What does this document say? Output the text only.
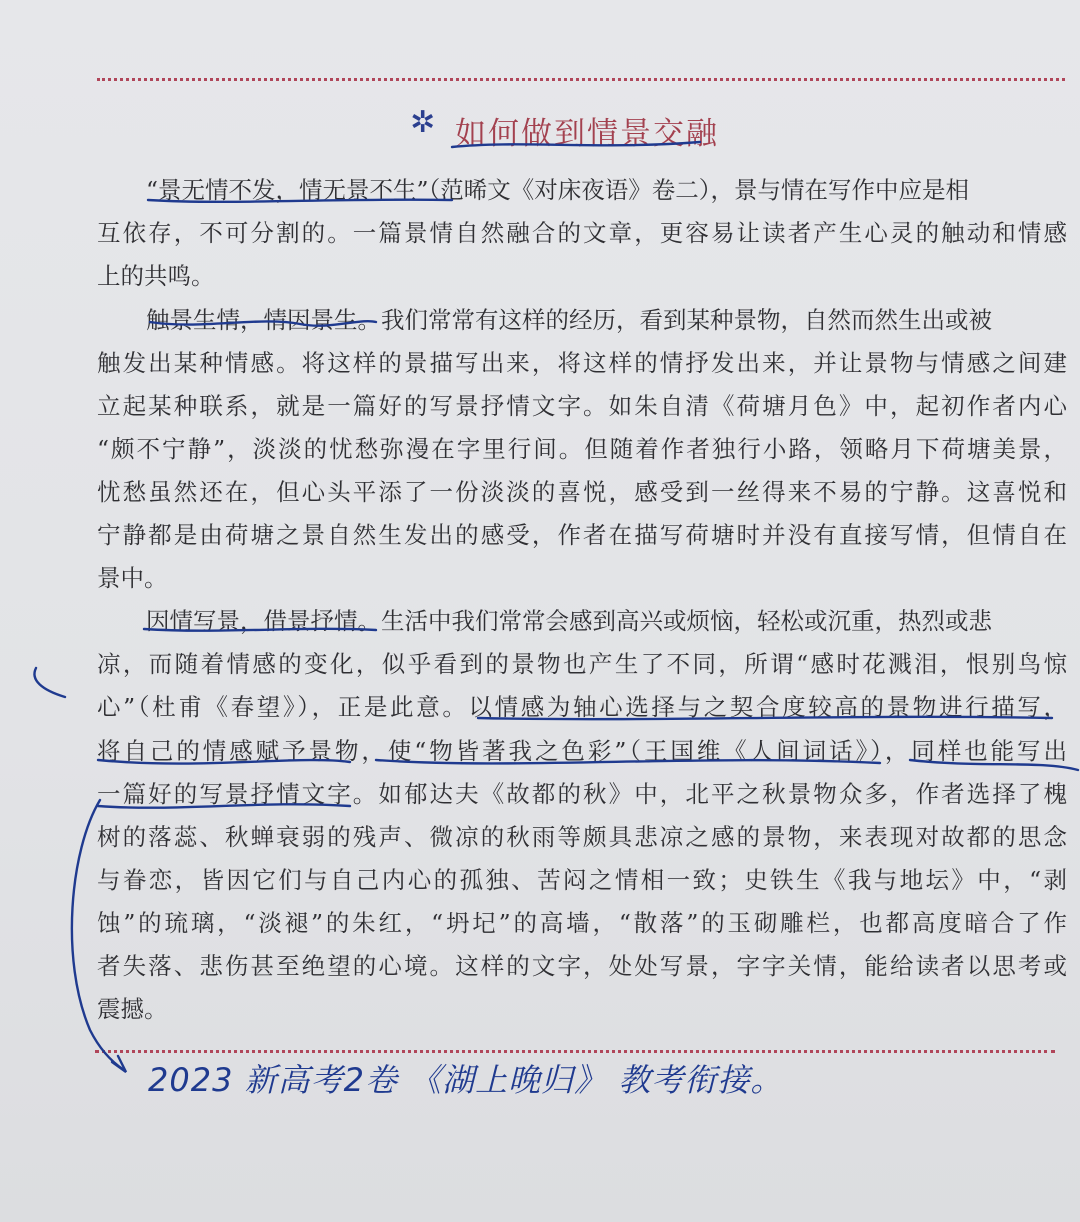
✲ 如何做到情景交融
“景无情不发，情无景不生”（范晞文《对床夜语》卷二），景与情在写作中应是相
互依存，不可分割的。一篇景情自然融合的文章，更容易让读者产生心灵的触动和情感
上的共鸣。
触景生情，情因景生。我们常常有这样的经历，看到某种景物，自然而然生出或被
触发出某种情感。将这样的景描写出来，将这样的情抒发出来，并让景物与情感之间建
立起某种联系，就是一篇好的写景抒情文字。如朱自清《荷塘月色》中，起初作者内心
“颇不宁静”，淡淡的忧愁弥漫在字里行间。但随着作者独行小路，领略月下荷塘美景，
忧愁虽然还在，但心头平添了一份淡淡的喜悦，感受到一丝得来不易的宁静。这喜悦和
宁静都是由荷塘之景自然生发出的感受，作者在描写荷塘时并没有直接写情，但情自在
景中。
因情写景，借景抒情。生活中我们常常会感到高兴或烦恼，轻松或沉重，热烈或悲
凉，而随着情感的变化，似乎看到的景物也产生了不同，所谓“感时花溅泪，恨别鸟惊
心”（杜甫《春望》），正是此意。以情感为轴心选择与之契合度较高的景物进行描写，
将自己的情感赋予景物，使“物皆著我之色彩”（王国维《人间词话》），同样也能写出
一篇好的写景抒情文字。如郁达夫《故都的秋》中，北平之秋景物众多，作者选择了槐
树的落蕊、秋蝉衰弱的残声、微凉的秋雨等颇具悲凉之感的景物，来表现对故都的思念
与眷恋，皆因它们与自己内心的孤独、苦闷之情相一致；史铁生《我与地坛》中，“剥
蚀”的琉璃，“淡褪”的朱红，“坍圮”的高墙，“散落”的玉砌雕栏，也都高度暗合了作
者失落、悲伤甚至绝望的心境。这样的文字，处处写景，字字关情，能给读者以思考或
震撼。
2023 新高考2卷 《湖上晚归》 教考衔接。
